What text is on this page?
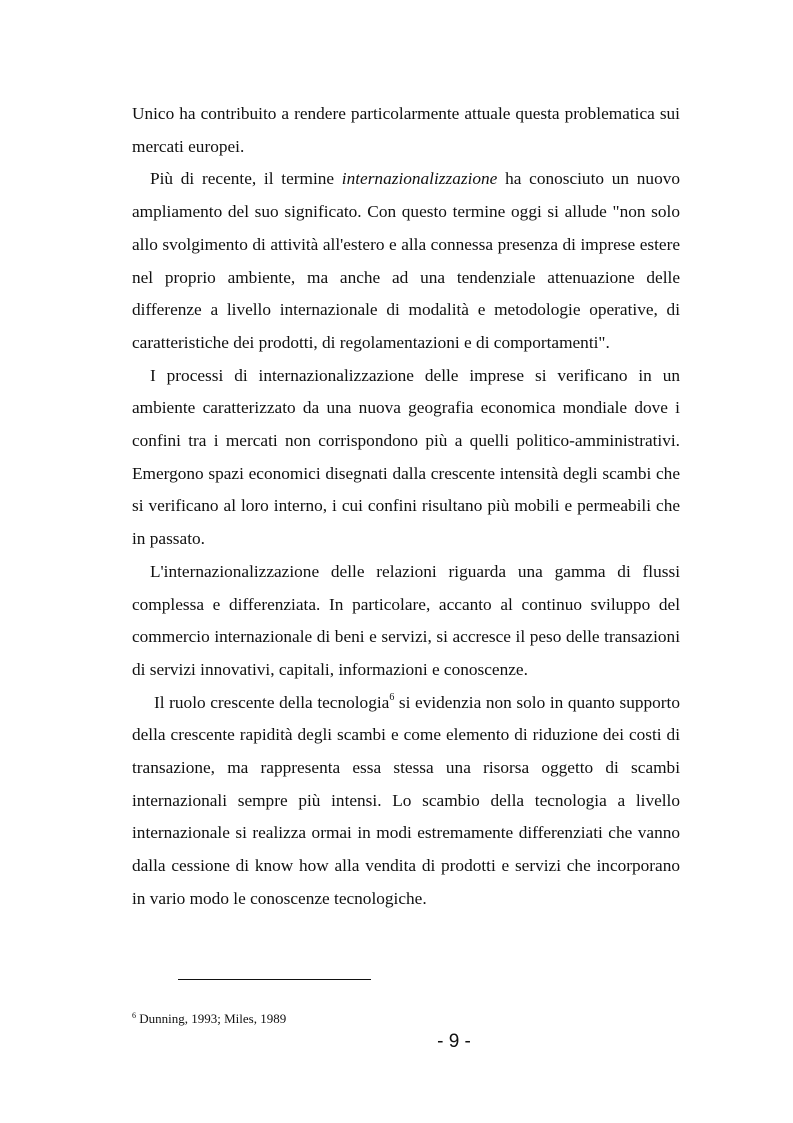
Unico ha contribuito a rendere particolarmente attuale questa problematica sui mercati europei.

Più di recente, il termine internazionalizzazione ha conosciuto un nuovo ampliamento del suo significato. Con questo termine oggi si allude "non solo allo svolgimento di attività all'estero e alla connessa presenza di imprese estere nel proprio ambiente, ma anche ad una tendenziale attenuazione delle differenze a livello internazionale di modalità e metodologie operative, di caratteristiche dei prodotti, di regolamentazioni e di comportamenti".

I processi di internazionalizzazione delle imprese si verificano in un ambiente caratterizzato da una nuova geografia economica mondiale dove i confini tra i mercati non corrispondono più a quelli politico-amministrativi. Emergono spazi economici disegnati dalla crescente intensità degli scambi che si verificano al loro interno, i cui confini risultano più mobili e permeabili che in passato.

L'internazionalizzazione delle relazioni riguarda una gamma di flussi complessa e differenziata. In particolare, accanto al continuo sviluppo del commercio internazionale di beni e servizi, si accresce il peso delle transazioni di servizi innovativi, capitali, informazioni e conoscenze.

Il ruolo crescente della tecnologia$^6$ si evidenzia non solo in quanto supporto della crescente rapidità degli scambi e come elemento di riduzione dei costi di transazione, ma rappresenta essa stessa una risorsa oggetto di scambi internazionali sempre più intensi. Lo scambio della tecnologia a livello internazionale si realizza ormai in modi estremamente differenziati che vanno dalla cessione di know how alla vendita di prodotti e servizi che incorporano in vario modo le conoscenze tecnologiche.

$^6$ Dunning, 1993; Miles, 1989
- 9 -
